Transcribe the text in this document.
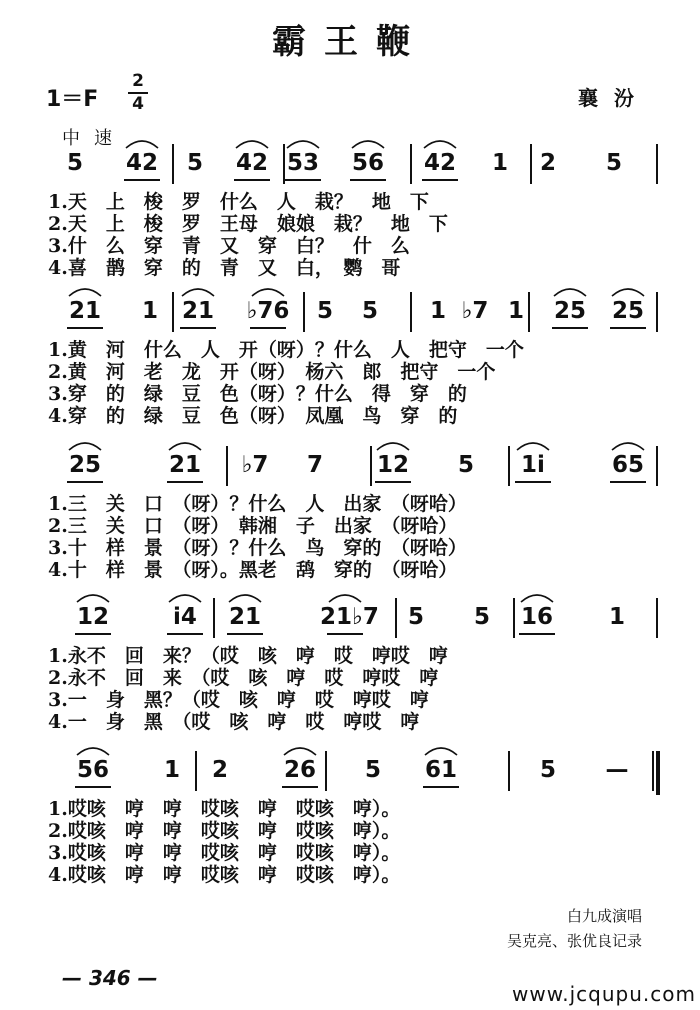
霸王鞭
1＝F
2
4	襄汾
中速
5	42	5	42 53	56	42	1	2	5
1.天　上　梭　罗　什么　人　栽？　地　下
2.天　上　梭　罗　王母　娘娘　栽？　地　下
3.什　么　穿　青　又　穿　白？　什　么
4.喜　鹊　穿　的　青　又　白，　鹦　哥
21	1	21	♭76	5	5	1 ♭7 1	25	25
1.黄　河　什么　人　开（呀）？什么　人　把守　一个
2.黄　河　老　龙　开（呀）　杨六　郎　把守　一个
3.穿　的　绿　豆　色（呀）？什么　得　穿　的
4.穿　的　绿　豆　色（呀）　凤凰　鸟　穿　的
25	21	♭7	7	12	5	1i	65
1.三　关　口　（呀）？什么　人　出家　（呀哈）
2.三　关　口　（呀）　韩湘　子　出家　（呀哈）
3.十　样　景　（呀）？什么　鸟　穿的　（呀哈）
4.十　样　景　（呀）。黑老　鸹　穿的　（呀哈）
12	i4	21	21♭7	5	5	16	1
1.永不　回　来？（哎　咳　哼　哎　哼哎　哼
2.永不　回　来　（哎　咳　哼　哎　哼哎　哼
3.一　身　黑？（哎　咳　哼　哎　哼哎　哼
4.一　身　黑　（哎　咳　哼　哎　哼哎　哼
56	1	2	26	5	61	5	—
1.哎咳　哼　哼　哎咳　哼　哎咳　哼）。
2.哎咳　哼　哼　哎咳　哼　哎咳　哼）。
3.哎咳　哼　哼　哎咳　哼　哎咳　哼）。
4.哎咳　哼　哼　哎咳　哼　哎咳　哼）。
白九成演唱
吴克亮、张优良记录
— 346 —
www.jcqupu.com
